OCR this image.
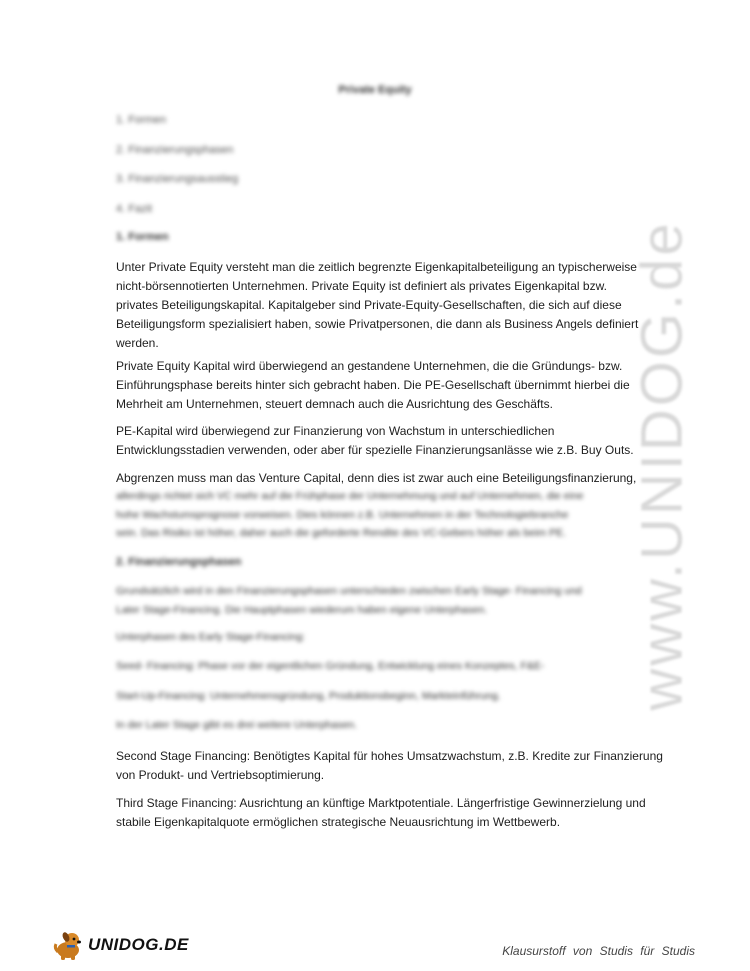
www.UNIDOG.de
Private Equity
1. Formen
2. Finanzierungsphasen
3. Finanzierungsausstieg
4. Fazit
1. Formen
Unter Private Equity versteht man die zeitlich begrenzte Eigenkapitalbeteiligung an typischerweise
nicht-börsennotierten Unternehmen. Private Equity ist definiert als privates Eigenkapital bzw.
privates Beteiligungskapital. Kapitalgeber sind Private-Equity-Gesellschaften, die sich auf diese
Beteiligungsform spezialisiert haben, sowie Privatpersonen, die dann als Business Angels definiert
werden.
Private Equity Kapital wird überwiegend an gestandene Unternehmen, die die Gründungs- bzw.
Einführungsphase bereits hinter sich gebracht haben. Die PE-Gesellschaft übernimmt hierbei die
Mehrheit am Unternehmen, steuert demnach auch die Ausrichtung des Geschäfts.
PE-Kapital wird überwiegend zur Finanzierung von Wachstum in unterschiedlichen
Entwicklungsstadien verwenden, oder aber für spezielle Finanzierungsanlässe wie z.B. Buy Outs.
Abgrenzen muss man das Venture Capital, denn dies ist zwar auch eine Beteiligungsfinanzierung,
allerdings richtet sich VC mehr auf die Frühphase der Unternehmung und auf Unternehmen, die eine
hohe Wachstumsprognose vorweisen. Dies können z.B. Unternehmen in der Technologiebranche
sein. Das Risiko ist höher, daher auch die geforderte Rendite des VC-Gebers höher als beim PE.
2. Finanzierungsphasen
Grundsätzlich wird in den Finanzierungsphasen unterschieden zwischen Early Stage- Financing und
Later Stage-Financing. Die Hauptphasen wiederum haben eigene Unterphasen.
Unterphasen des Early Stage-Financing:
Seed- Financing: Phase vor der eigentlichen Gründung, Entwicklung eines Konzeptes, F&E-
Start-Up-Financing: Unternehmensgründung, Produktionsbeginn, Markteinführung.
In der Later Stage gibt es drei weitere Unterphasen.
Second Stage Financing: Benötigtes Kapital für hohes Umsatzwachstum, z.B. Kredite zur Finanzierung
von Produkt- und Vertriebsoptimierung.
Third Stage Financing: Ausrichtung an künftige Marktpotentiale. Längerfristige Gewinnerzielung und
stabile Eigenkapitalquote ermöglichen strategische Neuausrichtung im Wettbewerb.
UNIDOG.DE	Klausurstoff von Studis für Studis
